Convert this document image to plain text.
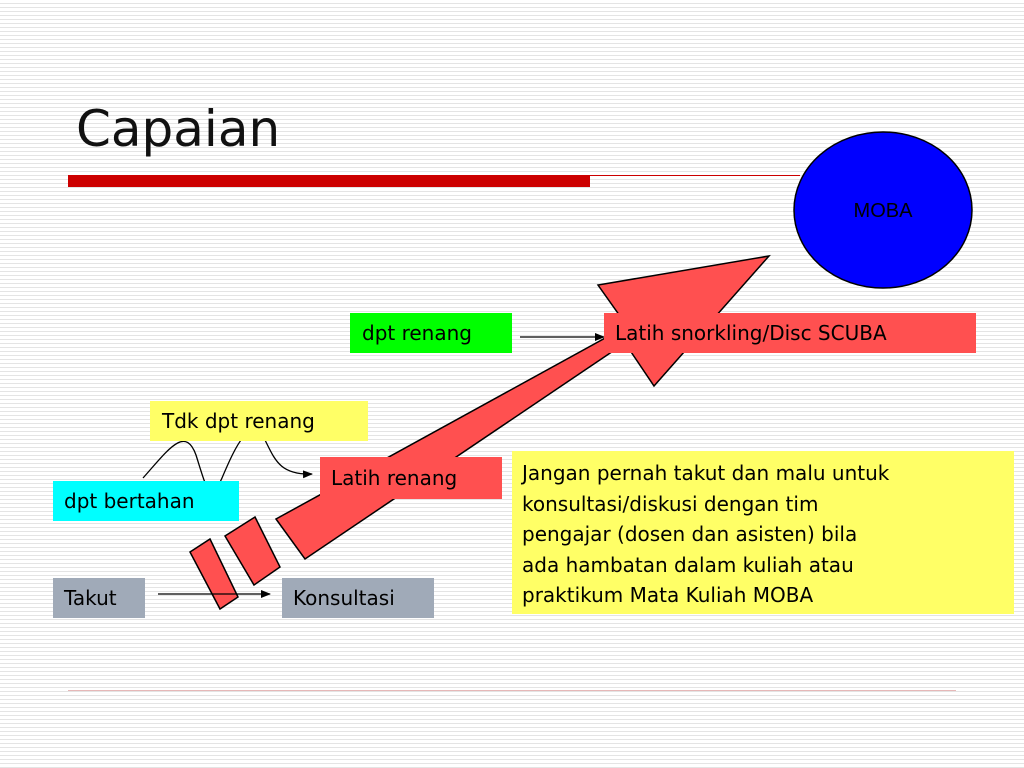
Capaian
MOBA
dpt renang	Latih snorkling/Disc SCUBA
Tdk dpt renang
Latih renang
dpt bertahan
Takut	Konsultasi
Jangan pernah takut dan malu untuk
konsultasi/diskusi dengan tim
pengajar (dosen dan asisten) bila
ada hambatan dalam kuliah atau
praktikum Mata Kuliah MOBA
